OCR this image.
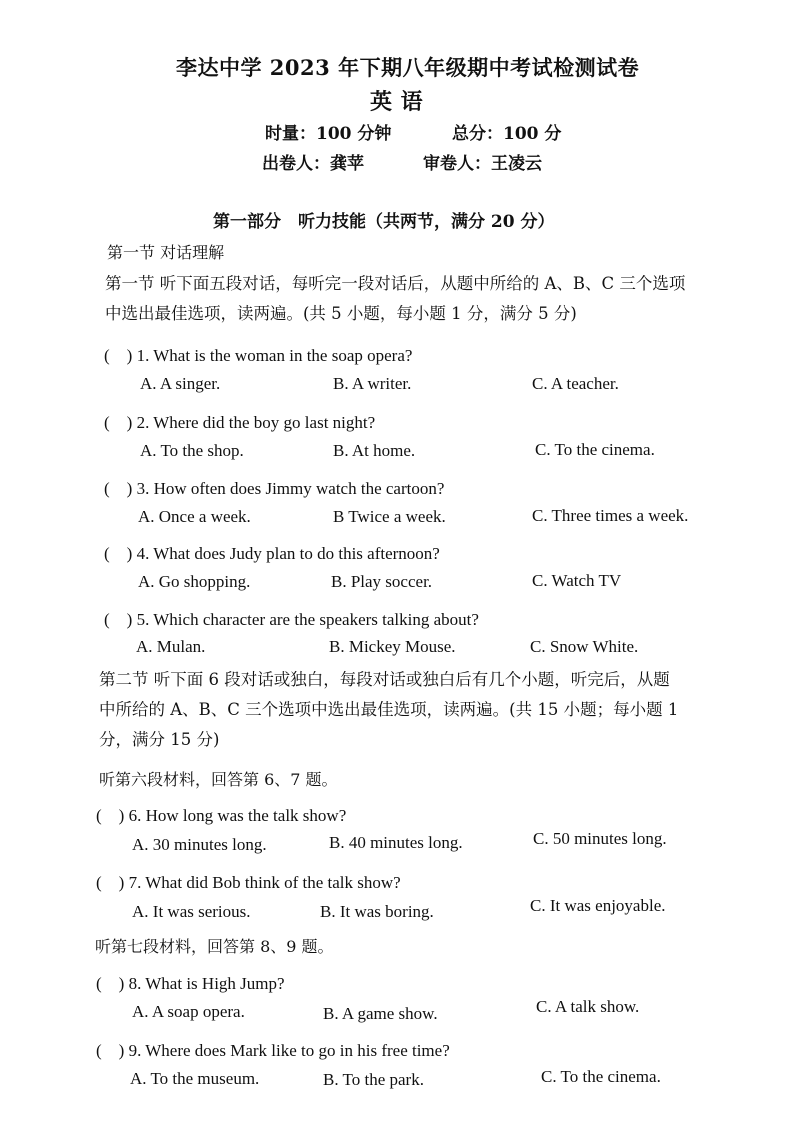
李达中学 2023 年下期八年级期中考试检测试卷
英 语
时量：100 分钟	总分：100 分
出卷人：龚苹	审卷人：王凌云
第一部分　听力技能（共两节，满分 20 分）
第一节 对话理解
第一节 听下面五段对话，每听完一段对话后，从题中所给的 A、B、C 三个选项
中选出最佳选项，读两遍。(共 5 小题，每小题 1 分，满分 5 分)
(　) 1. What is the woman in the soap opera?
A. A singer.	B. A writer.	C. A teacher.
(　) 2. Where did the boy go last night?
A. To the shop.	B. At home.	C. To the cinema.
(　) 3. How often does Jimmy watch the cartoon?
A. Once a week.	B Twice a week.	C. Three times a week.
(　) 4. What does Judy plan to do this afternoon?
A. Go shopping.	B. Play soccer.	C. Watch TV
(　) 5. Which character are the speakers talking about?
A. Mulan.	B. Mickey Mouse.	C. Snow White.
第二节 听下面 6 段对话或独白，每段对话或独白后有几个小题，听完后，从题
中所给的 A、B、C 三个选项中选出最佳选项，读两遍。(共 15 小题；每小题 1
分，满分 15 分)
听第六段材料，回答第 6、7 题。
(　) 6. How long was the talk show?
A. 30 minutes long.	B. 40 minutes long.	C. 50 minutes long.
(　) 7. What did Bob think of the talk show?
A. It was serious.	B. It was boring.	C. It was enjoyable.
听第七段材料，回答第 8、9 题。
(　) 8. What is High Jump?
A. A soap opera.	B. A game show.	C. A talk show.
(　) 9. Where does Mark like to go in his free time?
A. To the museum.	B. To the park.	C. To the cinema.
